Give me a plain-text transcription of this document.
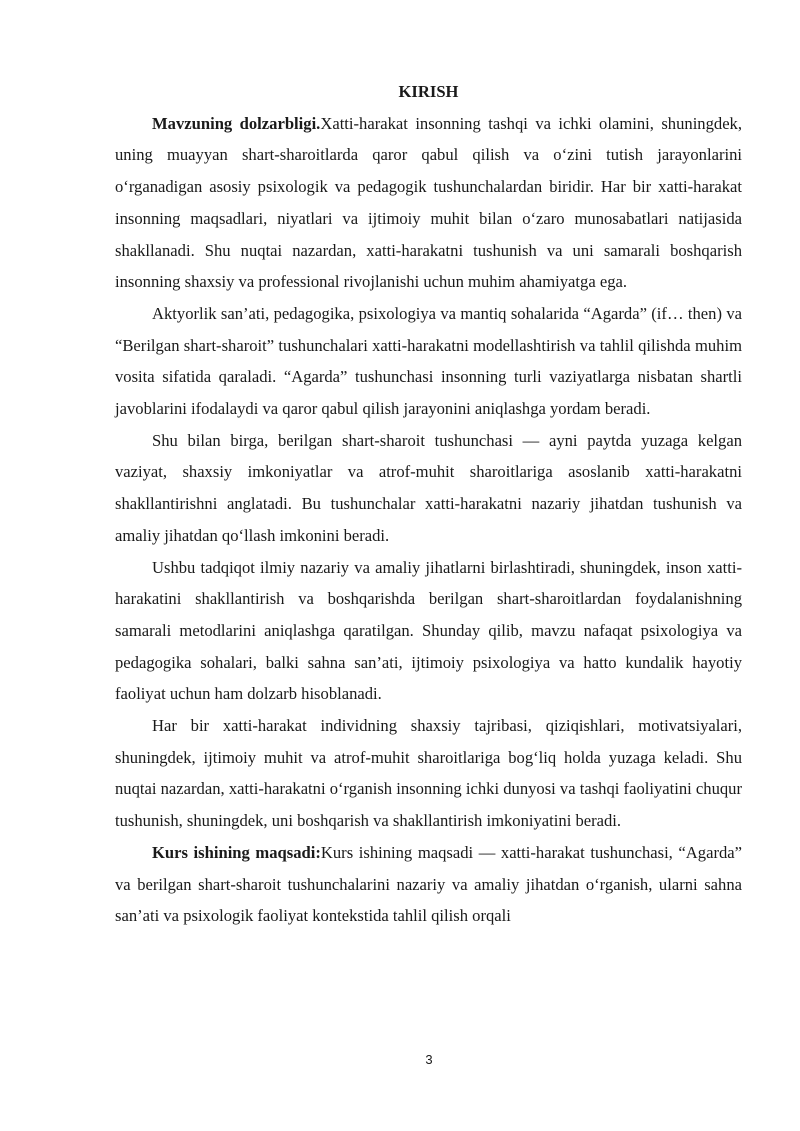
KIRISH

Mavzuning dolzarbligi.Xatti-harakat insonning tashqi va ichki olamini, shuningdek, uning muayyan shart-sharoitlarda qaror qabul qilish va o‘zini tutish jarayonlarini o‘rganadigan asosiy psixologik va pedagogik tushunchalardan biridir. Har bir xatti-harakat insonning maqsadlari, niyatlari va ijtimoiy muhit bilan o‘zaro munosabatlari natijasida shakllanadi. Shu nuqtai nazardan, xatti-harakatni tushunish va uni samarali boshqarish insonning shaxsiy va professional rivojlanishi uchun muhim ahamiyatga ega.

Aktyorlik san’ati, pedagogika, psixologiya va mantiq sohalarida “Agarda” (if… then) va “Berilgan shart-sharoit” tushunchalari xatti-harakatni modellashtirish va tahlil qilishda muhim vosita sifatida qaraladi. “Agarda” tushunchasi insonning turli vaziyatlarga nisbatan shartli javoblarini ifodalaydi va qaror qabul qilish jarayonini aniqlashga yordam beradi.

Shu bilan birga, berilgan shart-sharoit tushunchasi — ayni paytda yuzaga kelgan vaziyat, shaxsiy imkoniyatlar va atrof-muhit sharoitlariga asoslanib xatti-harakatni shakllantirishni anglatadi. Bu tushunchalar xatti-harakatni nazariy jihatdan tushunish va amaliy jihatdan qo‘llash imkonini beradi.

Ushbu tadqiqot ilmiy nazariy va amaliy jihatlarni birlashtiradi, shuningdek, inson xatti-harakatini shakllantirish va boshqarishda berilgan shart-sharoitlardan foydalanishning samarali metodlarini aniqlashga qaratilgan. Shunday qilib, mavzu nafaqat psixologiya va pedagogika sohalari, balki sahna san’ati, ijtimoiy psixologiya va hatto kundalik hayotiy faoliyat uchun ham dolzarb hisoblanadi.

Har bir xatti-harakat individning shaxsiy tajribasi, qiziqishlari, motivatsiyalari, shuningdek, ijtimoiy muhit va atrof-muhit sharoitlariga bog‘liq holda yuzaga keladi. Shu nuqtai nazardan, xatti-harakatni o‘rganish insonning ichki dunyosi va tashqi faoliyatini chuqur tushunish, shuningdek, uni boshqarish va shakllantirish imkoniyatini beradi.

Kurs ishining maqsadi:Kurs ishining maqsadi — xatti-harakat tushunchasi, “Agarda” va berilgan shart-sharoit tushunchalarini nazariy va amaliy jihatdan o‘rganish, ularni sahna san’ati va psixologik faoliyat kontekstida tahlil qilish orqali

3
